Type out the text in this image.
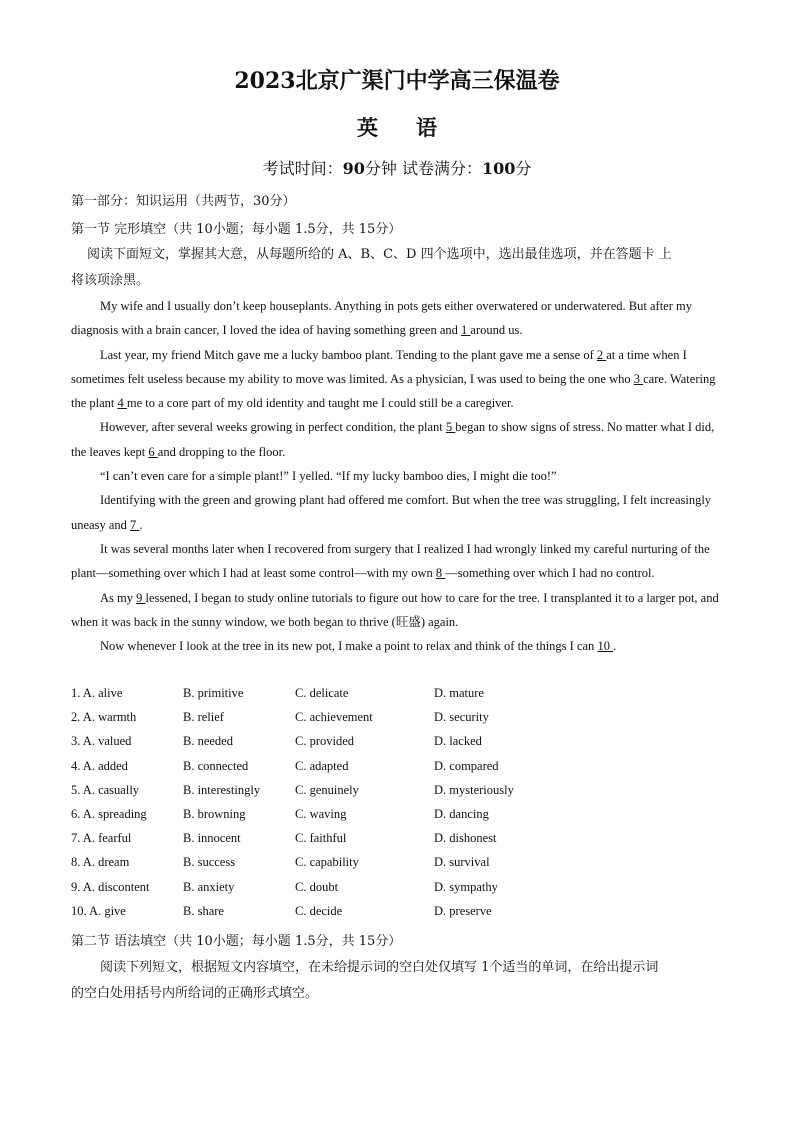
2023北京广渠门中学高三保温卷
英语
考试时间：90分钟 试卷满分：100分
第一部分：知识运用（共两节，30分）
第一节 完形填空（共 10小题；每小题 1.5分，共 15分）

阅读下面短文，掌握其大意，从每题所给的 A、B、C、D 四个选项中，选出最佳选项，并在答题卡 上

将该项涂黑。

My wife and I usually don’t keep houseplants. Anything in pots gets either overwatered or underwatered. But after my diagnosis with a brain cancer, I loved the idea of having something green and 1 around us.

Last year, my friend Mitch gave me a lucky bamboo plant. Tending to the plant gave me a sense of 2 at a time when I sometimes felt useless because my ability to move was limited. As a physician, I was used to being the one who 3 care. Watering the plant 4 me to a core part of my old identity and taught me I could still be a caregiver.

However, after several weeks growing in perfect condition, the plant 5 began to show signs of stress. No matter what I did, the leaves kept 6 and dropping to the floor.

“I can’t even care for a simple plant!” I yelled. “If my lucky bamboo dies, I might die too!”

Identifying with the green and growing plant had offered me comfort. But when the tree was struggling, I felt increasingly uneasy and 7 .

It was several months later when I recovered from surgery that I realized I had wrongly linked my careful nurturing of the plant—something over which I had at least some control—with my own 8 —something over which I had no control.

As my 9 lessened, I began to study online tutorials to figure out how to care for the tree. I transplanted it to a larger pot, and when it was back in the sunny window, we both began to thrive (旺盛) again.

Now whenever I look at the tree in its new pot, I make a point to relax and think of the things I can 10 .

1. A. alive	B. primitive	C. delicate	D. mature
2. A. warmth	B. relief	C. achievement	D. security
3. A. valued	B. needed	C. provided	D. lacked
4. A. added	B. connected	C. adapted	D. compared
5. A. casually	B. interestingly	C. genuinely	D. mysteriously
6. A. spreading	B. browning	C. waving	D. dancing
7. A. fearful	B. innocent	C. faithful	D. dishonest
8. A. dream	B. success	C. capability	D. survival
9. A. discontent	B. anxiety	C. doubt	D. sympathy
10. A. give	B. share	C. decide	D. preserve
第二节 语法填空（共 10小题；每小题 1.5分，共 15分）

阅读下列短文，根据短文内容填空，在未给提示词的空白处仅填写 1个适当的单词，在给出提示词

的空白处用括号内所给词的正确形式填空。
